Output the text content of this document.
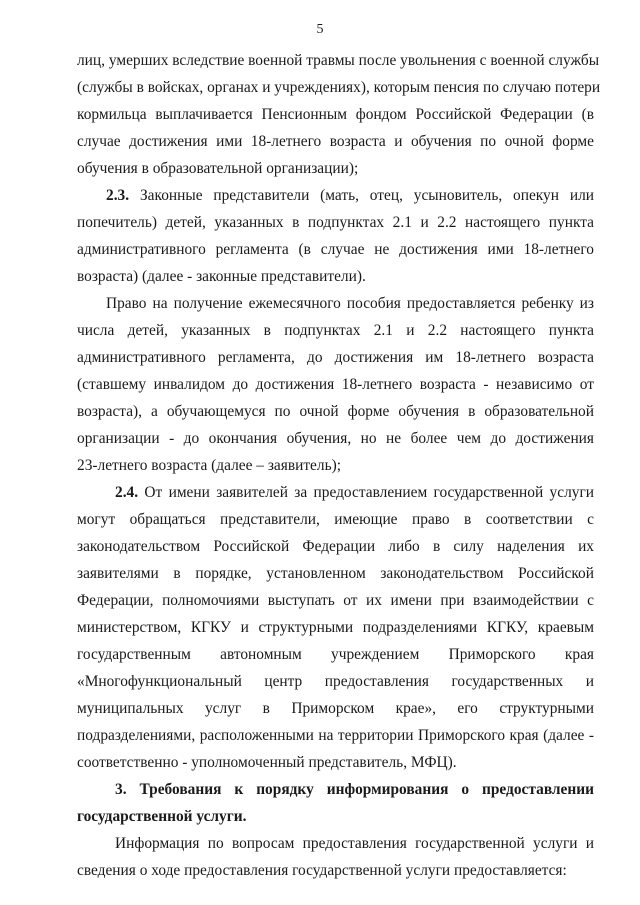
5
лиц, умерших вследствие военной травмы после увольнения с военной службы
(службы в войсках, органах и учреждениях), которым пенсия по случаю потери
кормильца выплачивается Пенсионным фондом Российской Федерации (в
случае достижения ими 18-летнего возраста и обучения по очной форме
обучения в образовательной организации);
2.3. Законные представители (мать, отец, усыновитель, опекун или
попечитель) детей, указанных в подпунктах 2.1 и 2.2 настоящего пункта
административного регламента (в случае не достижения ими 18-летнего
возраста) (далее - законные представители).
Право на получение ежемесячного пособия предоставляется ребенку из
числа детей, указанных в подпунктах 2.1 и 2.2 настоящего пункта
административного регламента, до достижения им 18-летнего возраста
(ставшему инвалидом до достижения 18-летнего возраста - независимо от
возраста), а обучающемуся по очной форме обучения в образовательной
организации - до окончания обучения, но не более чем до достижения
23-летнего возраста (далее – заявитель);
2.4. От имени заявителей за предоставлением государственной услуги
могут обращаться представители, имеющие право в соответствии с
законодательством Российской Федерации либо в силу наделения их
заявителями в порядке, установленном законодательством Российской
Федерации, полномочиями выступать от их имени при взаимодействии с
министерством, КГКУ и структурными подразделениями КГКУ, краевым
государственным автономным учреждением Приморского края
«Многофункциональный центр предоставления государственных и
муниципальных услуг в Приморском крае», его структурными
подразделениями, расположенными на территории Приморского края (далее -
соответственно - уполномоченный представитель, МФЦ).
3. Требования к порядку информирования о предоставлении
государственной услуги.
Информация по вопросам предоставления государственной услуги и
сведения о ходе предоставления государственной услуги предоставляется:
